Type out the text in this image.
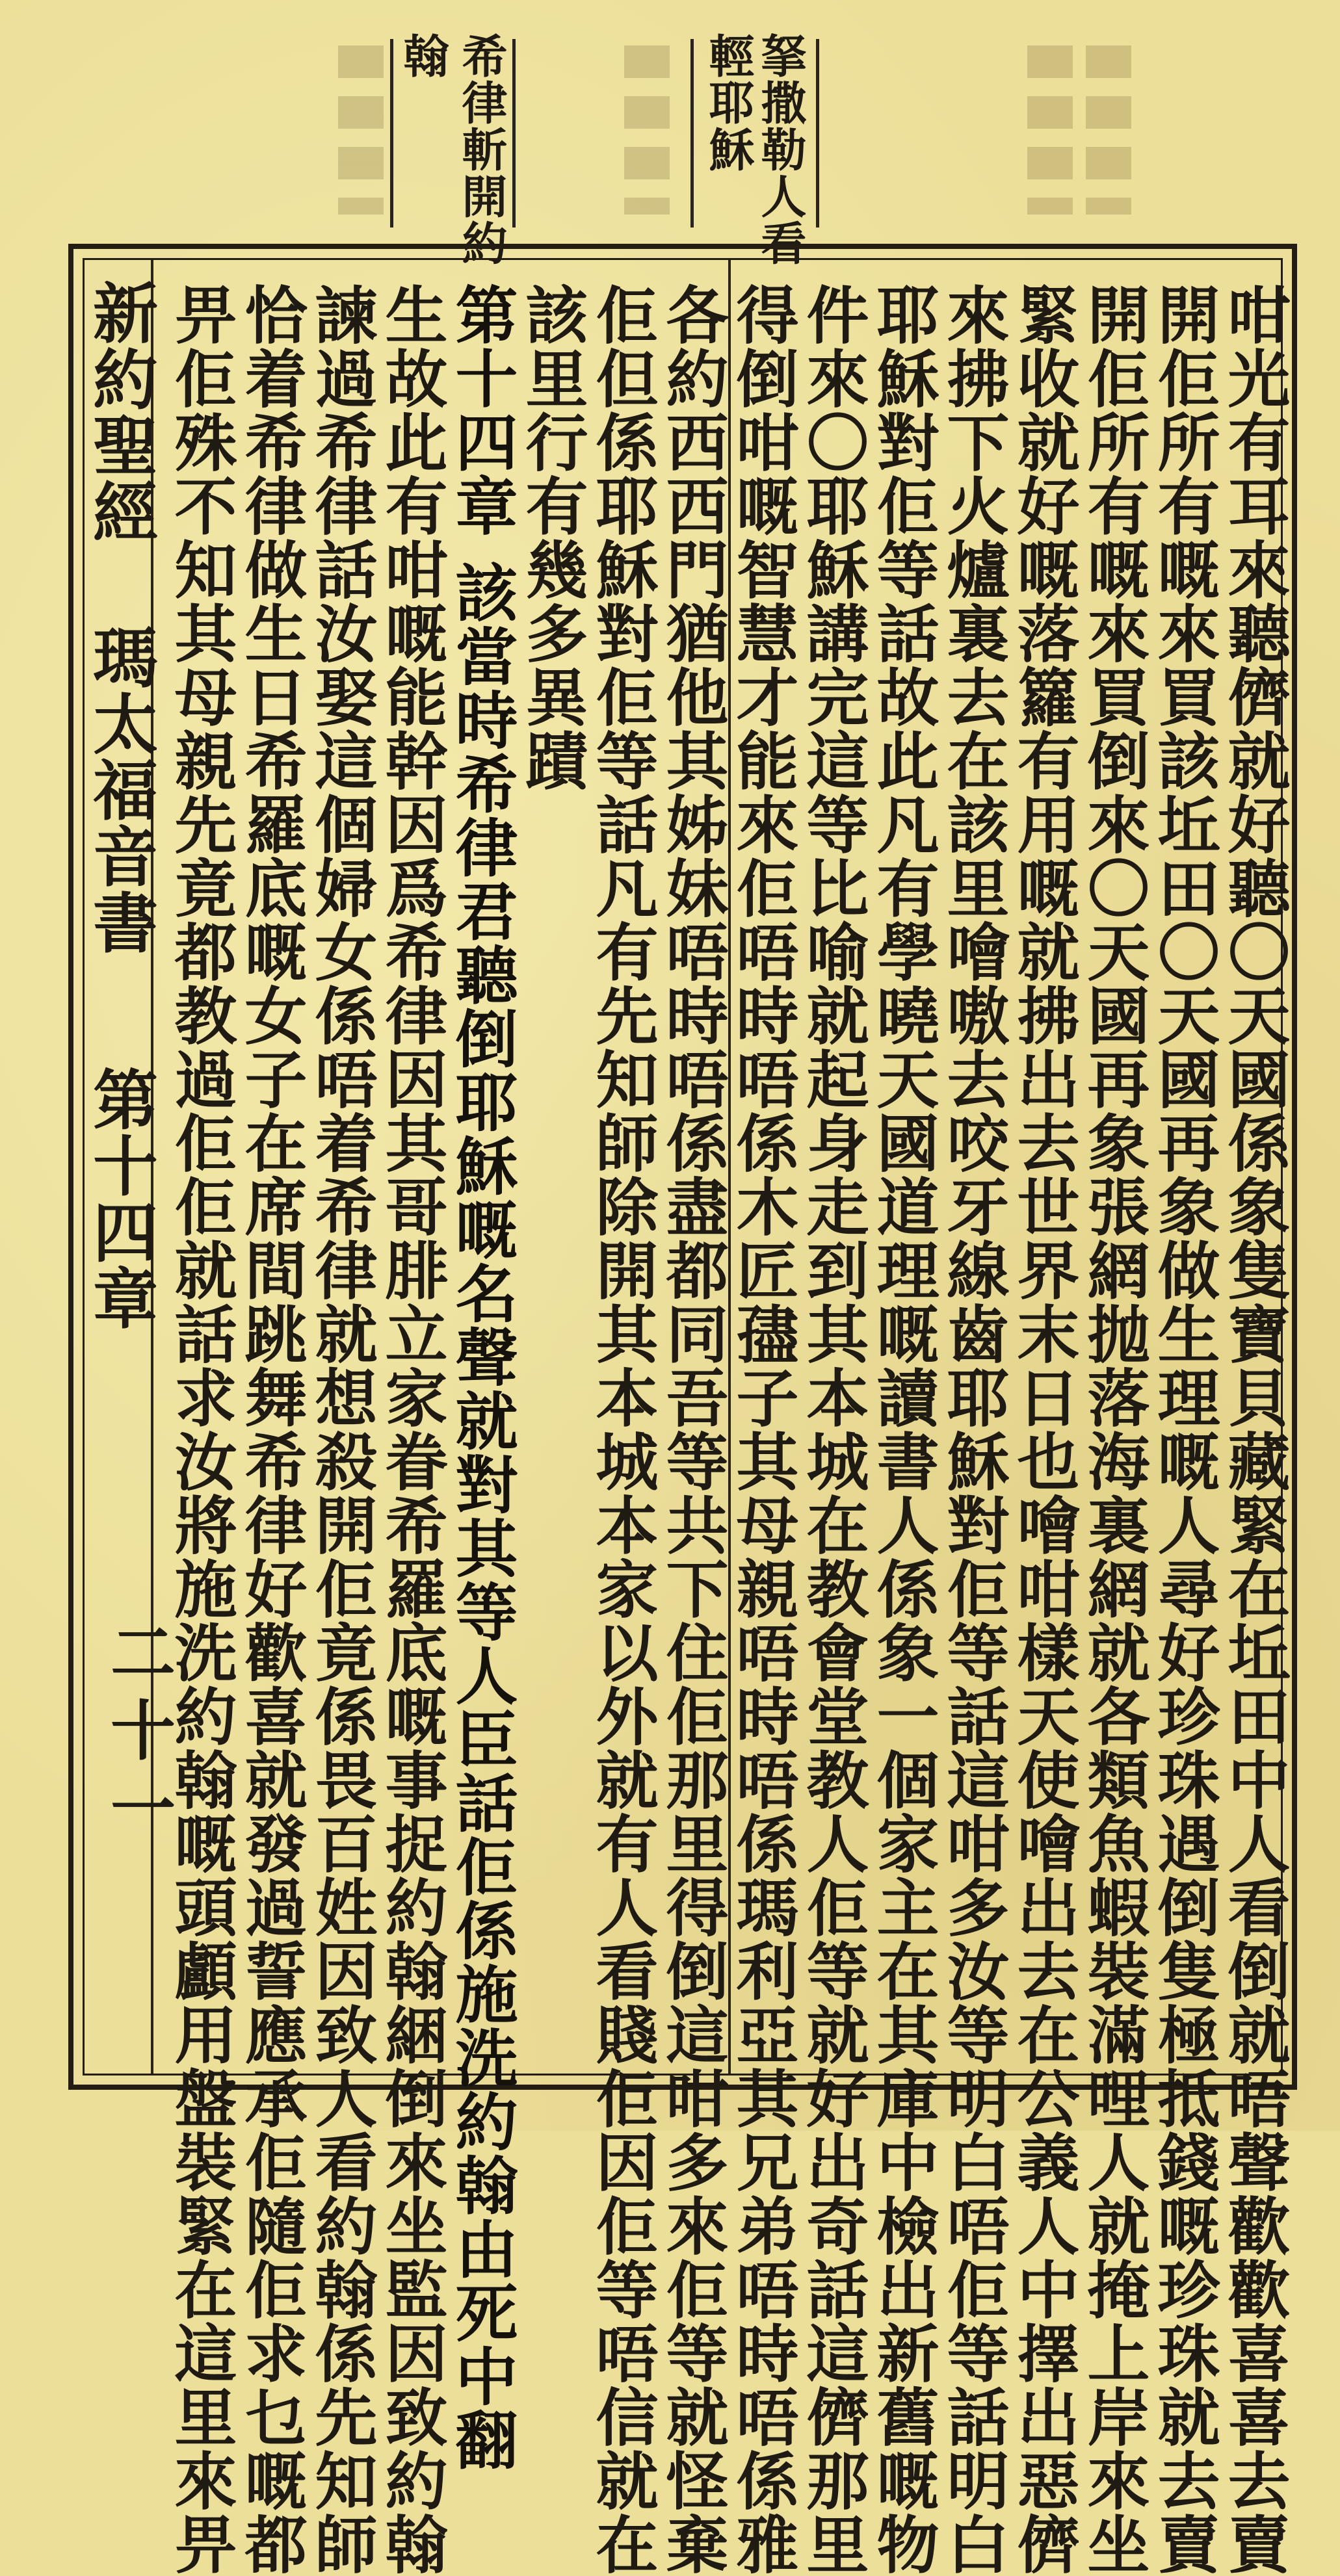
拏撒勒人看
輕耶穌
希律斬開約
翰
咁光有耳來聽儕就好聽〇天國係象隻寶貝藏緊在坵田中人看倒就唔聲歡歡喜喜去賣
開佢所有嘅來買該坵田〇天國再象做生理嘅人尋好珍珠遇倒隻極抵錢嘅珍珠就去賣
開佢所有嘅來買倒來〇天國再象張網抛落海裏網就各類魚蝦裝滿哩人就掩上岸來坐
緊收就好嘅落籮有用嘅就拂出去世界末日也噲咁樣天使噲出去在公義人中擇出惡儕
來拂下火爐裏去在該里噲嗷去咬牙線齒耶穌對佢等話這咁多汝等明白唔佢等話明白
耶穌對佢等話故此凡有學曉天國道理嘅讀書人係象一個家主在其庫中檢出新舊嘅物
件來〇耶穌講完這等比喻就起身走到其本城在教會堂教人佢等就好出奇話這儕那里
得倒咁嘅智慧才能來佢唔時唔係木匠孻子其母親唔時唔係瑪利亞其兄弟唔時唔係雅
各約西西門猶他其姊妹唔時唔係盡都同吾等共下住佢那里得倒這咁多來佢等就怪棄
佢但係耶穌對佢等話凡有先知師除開其本城本家以外就有人看賤佢因佢等唔信就在
該里行有幾多異蹟
第十四章 該當時希律君聽倒耶穌嘅名聲就對其等人臣話佢係施洗約翰由死中翻
生故此有咁嘅能幹因爲希律因其哥腓立家眷希羅底嘅事捉約翰綑倒來坐監因致約翰
諫過希律話汝娶這個婦女係唔着希律就想殺開佢竟係畏百姓因致人看約翰係先知師
恰着希律做生日希羅底嘅女子在席間跳舞希律好歡喜就發過誓應承佢隨佢求乜嘅都
畀佢殊不知其母親先竟都教過佢佢就話求汝將施洗約翰嘅頭顱用盤裝緊在這里來畀
新約聖經
瑪太福音書
第十四章
二十一
